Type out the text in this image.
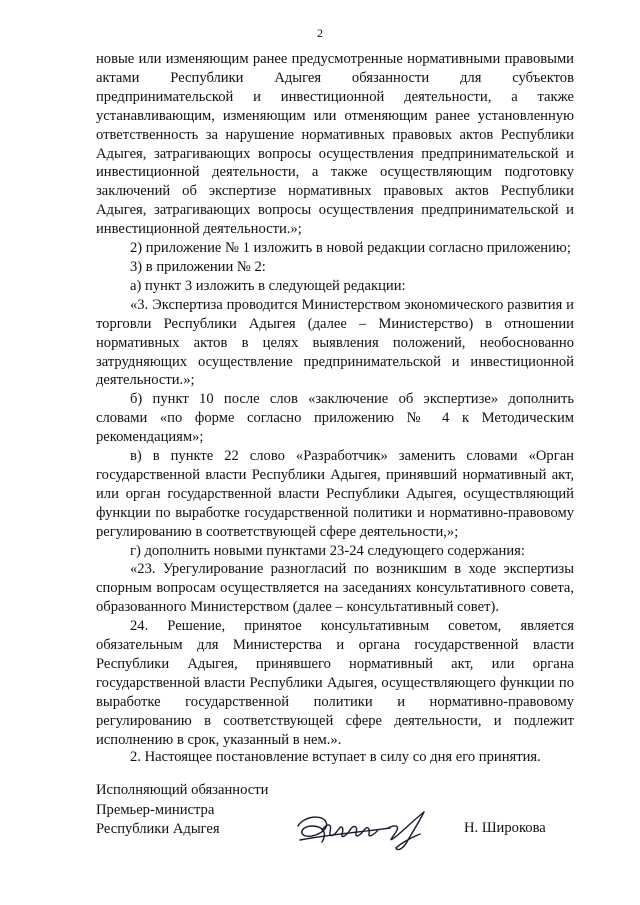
2

новые или изменяющим ранее предусмотренные нормативными правовыми актами Республики Адыгея обязанности для субъектов предпринимательской и инвестиционной деятельности, а также устанавливающим, изменяющим или отменяющим ранее установленную ответственность за нарушение нормативных правовых актов Республики Адыгея, затрагивающих вопросы осуществления предпринимательской и инвестиционной деятельности, а также осуществляющим подготовку заключений об экспертизе нормативных правовых актов Республики Адыгея, затрагивающих вопросы осуществления предпринимательской и инвестиционной деятельности.»;

2) приложение № 1 изложить в новой редакции согласно приложению;

3) в приложении № 2:

а) пункт 3 изложить в следующей редакции:

«3. Экспертиза проводится Министерством экономического развития и торговли Республики Адыгея (далее – Министерство) в отношении нормативных актов в целях выявления положений, необоснованно затрудняющих осуществление предпринимательской и инвестиционной деятельности.»;

б) пункт 10 после слов «заключение об экспертизе» дополнить словами «по форме согласно приложению № 4 к Методическим рекомендациям»;

в) в пункте 22 слово «Разработчик» заменить словами «Орган государственной власти Республики Адыгея, принявший нормативный акт, или орган государственной власти Республики Адыгея, осуществляющий функции по выработке государственной политики и нормативно-правовому регулированию в соответствующей сфере деятельности,»;

г) дополнить новыми пунктами 23-24 следующего содержания:

«23. Урегулирование разногласий по возникшим в ходе экспертизы спорным вопросам осуществляется на заседаниях консультативного совета, образованного Министерством (далее – консультативный совет).

24. Решение, принятое консультативным советом, является обязательным для Министерства и органа государственной власти Республики Адыгея, принявшего нормативный акт, или органа государственной власти Республики Адыгея, осуществляющего функции по выработке государственной политики и нормативно-правовому регулированию в соответствующей сфере деятельности, и подлежит исполнению в срок, указанный в нем.».

2. Настоящее постановление вступает в силу со дня его принятия.

Исполняющий обязанности
Премьер-министра
Республики Адыгея	Н. Широкова
